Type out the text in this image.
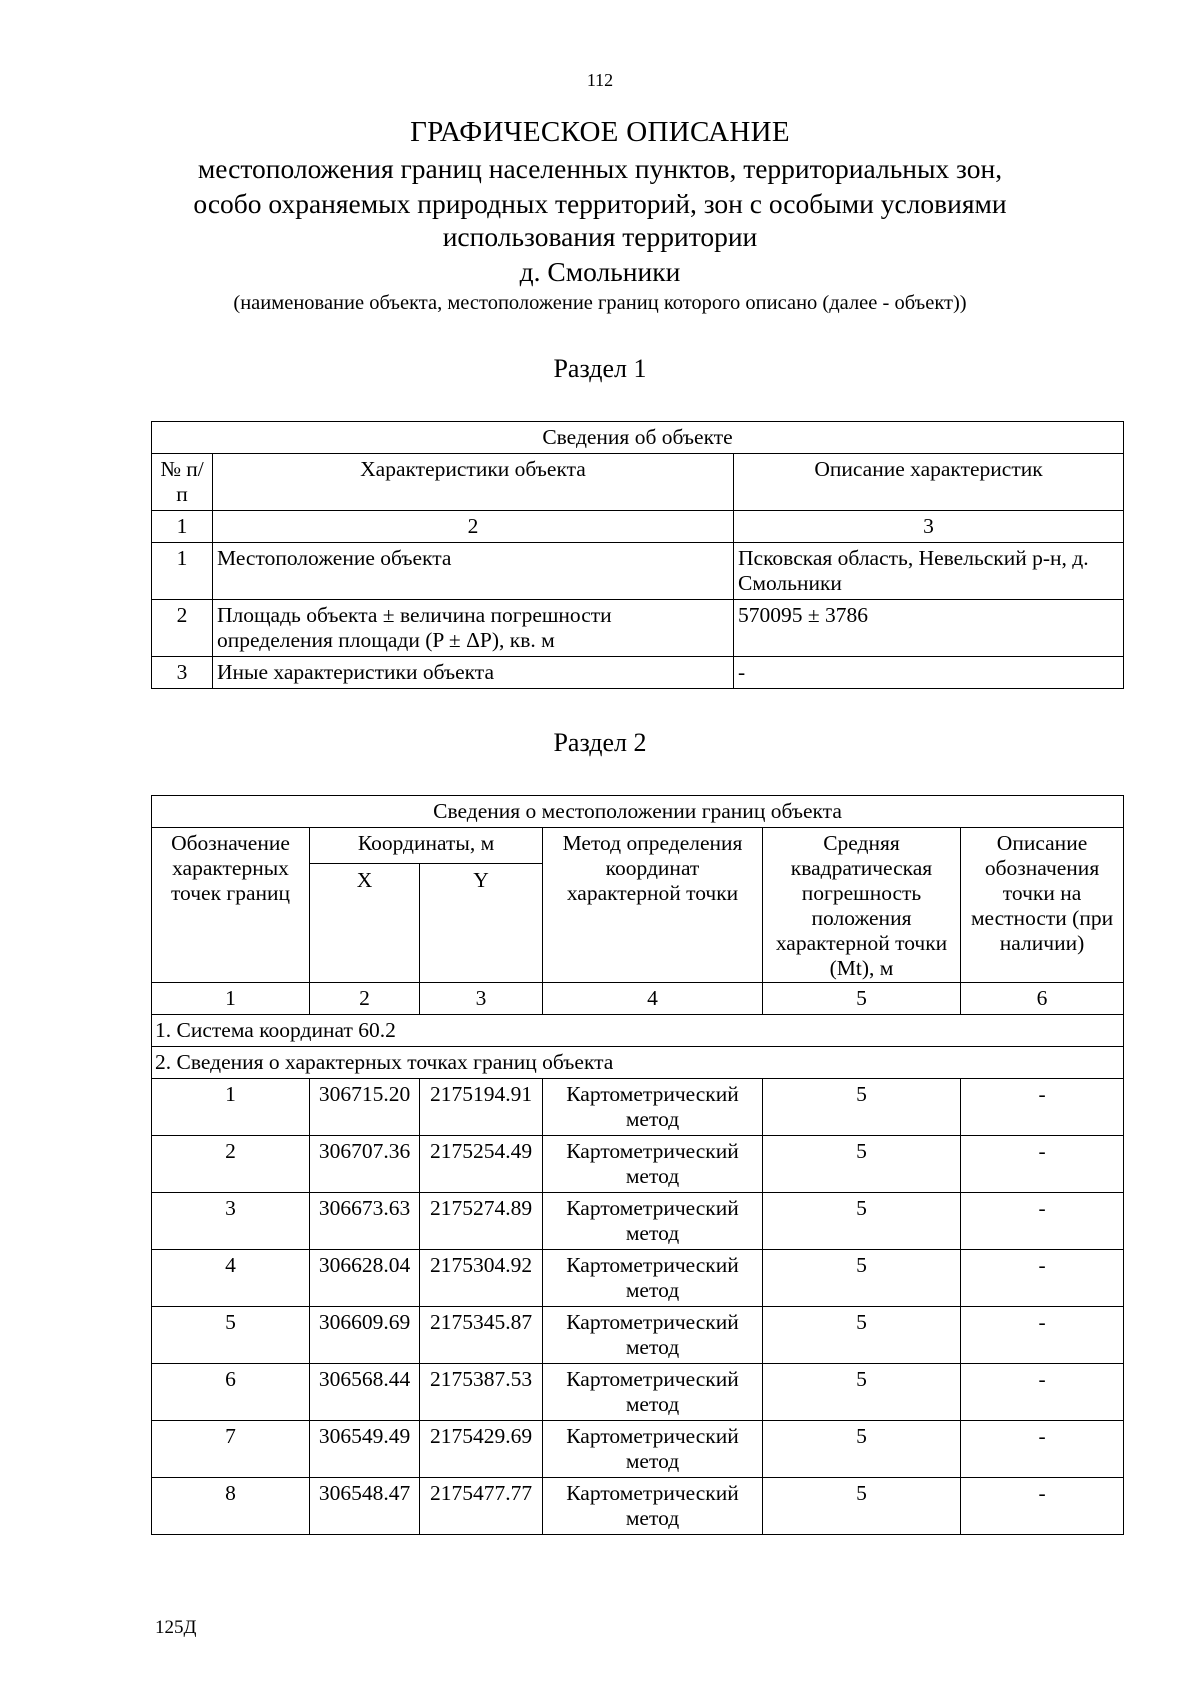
112
ГРАФИЧЕСКОЕ ОПИСАНИЕ
местоположения границ населенных пунктов, территориальных зон,
особо охраняемых природных территорий, зон с особыми условиями
использования территории
д. Смольники
(наименование объекта, местоположение границ которого описано (далее - объект))
Раздел 1
Сведения об объекте		
№ п/п	Характеристики объекта	Описание характеристик
1	2	3
1	Местоположение объекта	Псковская область, Невельский р-н, д. Смольники
2	Площадь объекта ± величина погрешности определения площади (P ± ΔP), кв. м	570095 ± 3786
3	Иные характеристики объекта	-
Раздел 2
Сведения о местоположении границ объекта					
Обозначение характерных точек границ	Координаты, м		Метод определения координат характерной точки	Средняя квадратическая погрешность положения характерной точки (Mt), м	Описание обозначения точки на местности (при наличии)
	X	Y			
1	2	3	4	5	6
1. Система координат 60.2					
2. Сведения о характерных точках границ объекта					
1	306715.20	2175194.91	Картометрический метод	5	-
2	306707.36	2175254.49	Картометрический метод	5	-
3	306673.63	2175274.89	Картометрический метод	5	-
4	306628.04	2175304.92	Картометрический метод	5	-
5	306609.69	2175345.87	Картометрический метод	5	-
6	306568.44	2175387.53	Картометрический метод	5	-
7	306549.49	2175429.69	Картометрический метод	5	-
8	306548.47	2175477.77	Картометрический метод	5	-
125Д
